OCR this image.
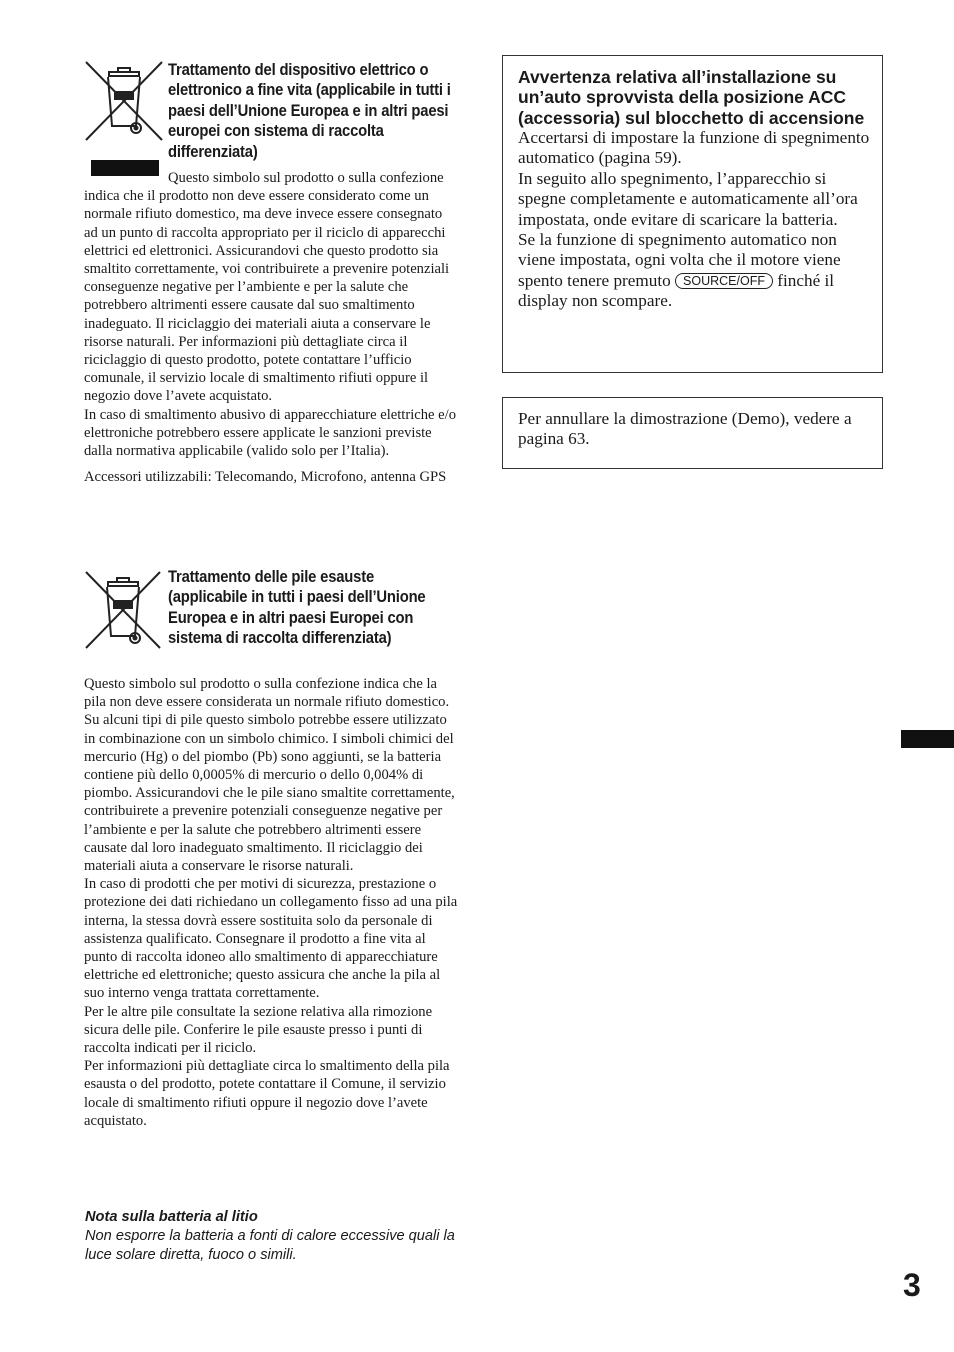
Trattamento del dispositivo elettrico o elettronico a fine vita (applicabile in tutti i paesi dell’Unione Europea e in altri paesi europei con sistema di raccolta differenziata)

Questo simbolo sul prodotto o sulla confezione indica che il prodotto non deve essere considerato come un normale rifiuto domestico, ma deve invece essere consegnato ad un punto di raccolta appropriato per il riciclo di apparecchi elettrici ed elettronici. Assicurandovi che questo prodotto sia smaltito correttamente, voi contribuirete a prevenire potenziali conseguenze negative per l’ambiente e per la salute che potrebbero altrimenti essere causate dal suo smaltimento inadeguato. Il riciclaggio dei materiali aiuta a conservare le risorse naturali. Per informazioni più dettagliate circa il riciclaggio di questo prodotto, potete contattare l’ufficio comunale, il servizio locale di smaltimento rifiuti oppure il negozio dove l’avete acquistato.

In caso di smaltimento abusivo di apparecchiature elettriche e/o elettroniche potrebbero essere applicate le sanzioni previste dalla normativa applicabile (valido solo per l’Italia).

Accessori utilizzabili: Telecomando, Microfono, antenna GPS

Trattamento delle pile esauste (applicabile in tutti i paesi dell’Unione Europea e in altri paesi Europei con sistema di raccolta differenziata)

Questo simbolo sul prodotto o sulla confezione indica che la pila non deve essere considerata un normale rifiuto domestico. Su alcuni tipi di pile questo simbolo potrebbe essere utilizzato in combinazione con un simbolo chimico. I simboli chimici del mercurio (Hg) o del piombo (Pb) sono aggiunti, se la batteria contiene più dello 0,0005% di mercurio o dello 0,004% di piombo. Assicurandovi che le pile siano smaltite correttamente, contribuirete a prevenire potenziali conseguenze negative per l’ambiente e per la salute che potrebbero altrimenti essere causate dal loro inadeguato smaltimento. Il riciclaggio dei materiali aiuta a conservare le risorse naturali.

In caso di prodotti che per motivi di sicurezza, prestazione o protezione dei dati richiedano un collegamento fisso ad una pila interna, la stessa dovrà essere sostituita solo da personale di assistenza qualificato. Consegnare il prodotto a fine vita al punto di raccolta idoneo allo smaltimento di apparecchiature elettriche ed elettroniche; questo assicura che anche la pila al suo interno venga trattata correttamente.

Per le altre pile consultate la sezione relativa alla rimozione sicura delle pile. Conferire le pile esauste presso i punti di raccolta indicati per il riciclo.

Per informazioni più dettagliate circa lo smaltimento della pila esausta o del prodotto, potete contattare il Comune, il servizio locale di smaltimento rifiuti oppure il negozio dove l’avete acquistato.

Nota sulla batteria al litio
Non esporre la batteria a fonti di calore eccessive quali la luce solare diretta, fuoco o simili.
Avvertenza relativa all’installazione su un’auto sprovvista della posizione ACC (accessoria) sul blocchetto di accensione
Accertarsi di impostare la funzione di spegnimento automatico (pagina 59).
In seguito allo spegnimento, l’apparecchio si spegne completamente e automaticamente all’ora impostata, onde evitare di scaricare la batteria.
Se la funzione di spegnimento automatico non viene impostata, ogni volta che il motore viene spento tenere premuto SOURCE/OFF finché il display non scompare.
Per annullare la dimostrazione (Demo), vedere a pagina 63.
3
